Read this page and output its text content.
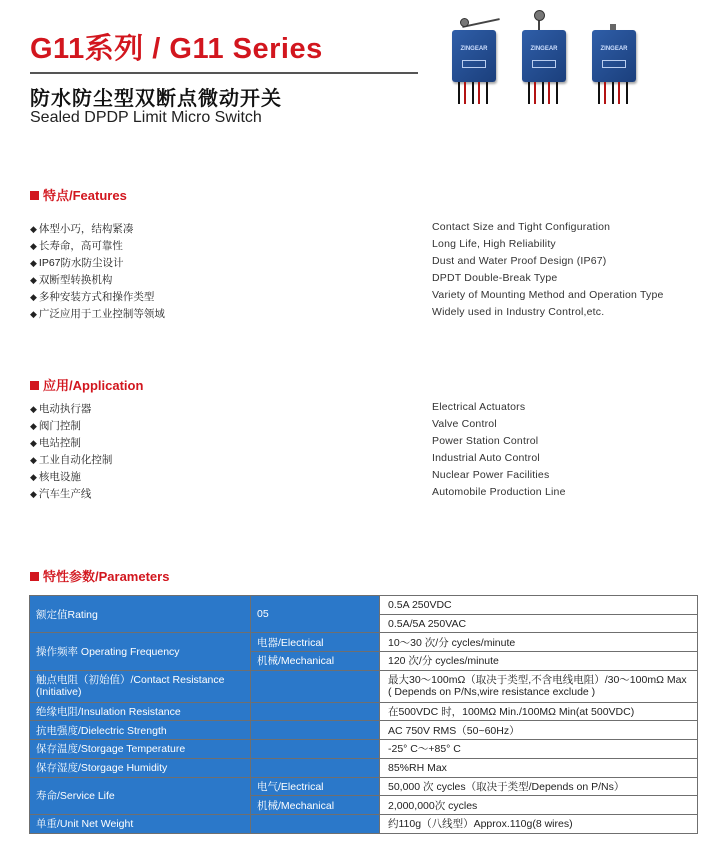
G11系列 / G11 Series
防水防尘型双断点微动开关
Sealed DPDP Limit Micro Switch
ZINGEAR	ZINGEAR	ZINGEAR
特点/Features
◆ 体型小巧，结构紧凑	Contact Size and Tight Configuration
◆ 长寿命，高可靠性	Long Life, High Reliability
◆ IP67防水防尘设计	Dust and Water Proof Design (IP67)
◆ 双断型转换机构	DPDT Double-Break Type
◆ 多种安装方式和操作类型	Variety of Mounting Method and Operation Type
◆ 广泛应用于工业控制等领域	Widely used in Industry Control,etc.
应用/Application
◆ 电动执行器	Electrical Actuators
◆ 阀门控制	Valve Control
◆ 电站控制	Power Station Control
◆ 工业自动化控制	Industrial Auto Control
◆ 核电设施	Nuclear Power Facilities
◆ 汽车生产线	Automobile Production Line
特性参数/Parameters
额定值Rating	05	0.5A 250VDC
		0.5A/5A 250VAC
操作频率 Operating Frequency	电器/Electrical	10～30 次/分 cycles/minute
	机械/Mechanical	120 次/分 cycles/minute
触点电阻（初始值）/Contact Resistance (Initiative)		最大30～100mΩ（取决于类型,不含电线电阻）/30～100mΩ Max
( Depends on P/Ns,wire resistance exclude )

绝缘电阻/Insulation Resistance		在500VDC 时，100MΩ Min./100MΩ Min(at 500VDC)
抗电强度/Dielectric Strength		AC 750V RMS（50~60Hz）
保存温度/Storgage Temperature		-25° C～+85° C
保存湿度/Storgage Humidity		85%RH Max
寿命/Service Life	电气/Electrical	50,000 次 cycles（取决于类型/Depends on P/Ns）
	机械/Mechanical	2,000,000次 cycles
单重/Unit Net Weight		约110g（八线型）Approx.110g(8 wires)
